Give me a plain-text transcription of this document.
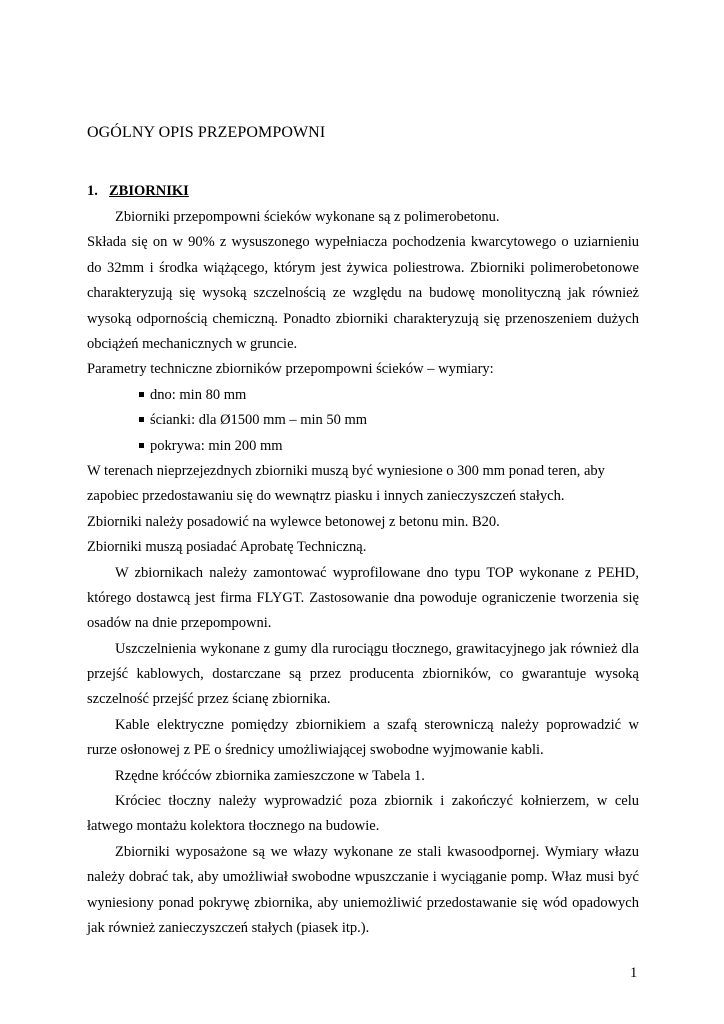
OGÓLNY OPIS PRZEPOMPOWNI
1. ZBIORNIKI
Zbiorniki przepompowni ścieków wykonane są z polimerobetonu.
Składa się on w 90% z wysuszonego wypełniacza pochodzenia kwarcytowego o uziarnieniu
do 32mm i środka wiążącego, którym jest żywica poliestrowa. Zbiorniki polimerobetonowe
charakteryzują się wysoką szczelnością ze względu na budowę monolityczną jak również
wysoką odpornością chemiczną. Ponadto zbiorniki charakteryzują się przenoszeniem dużych
obciążeń mechanicznych w gruncie.
Parametry techniczne zbiorników przepompowni ścieków – wymiary:
dno: min 80 mm
ścianki: dla Ø1500 mm – min 50 mm
pokrywa: min 200 mm
W terenach nieprzejezdnych zbiorniki muszą być wyniesione o 300 mm ponad teren, aby
zapobiec przedostawaniu się do wewnątrz piasku i innych zanieczyszczeń stałych.
Zbiorniki należy posadowić na wylewce betonowej z betonu min. B20.
Zbiorniki muszą posiadać Aprobatę Techniczną.
W zbiornikach należy zamontować wyprofilowane dno typu TOP wykonane z PEHD,
którego dostawcą jest firma FLYGT. Zastosowanie dna powoduje ograniczenie tworzenia się
osadów na dnie przepompowni.
Uszczelnienia wykonane z gumy dla rurociągu tłocznego, grawitacyjnego jak również dla
przejść kablowych, dostarczane są przez producenta zbiorników, co gwarantuje wysoką
szczelność przejść przez ścianę zbiornika.
Kable elektryczne pomiędzy zbiornikiem a szafą sterowniczą należy poprowadzić w
rurze osłonowej z PE o średnicy umożliwiającej swobodne wyjmowanie kabli.
Rzędne króćców zbiornika zamieszczone w Tabela 1.
Króciec tłoczny należy wyprowadzić poza zbiornik i zakończyć kołnierzem, w celu
łatwego montażu kolektora tłocznego na budowie.
Zbiorniki wyposażone są we włazy wykonane ze stali kwasoodpornej. Wymiary włazu
należy dobrać tak, aby umożliwiał swobodne wpuszczanie i wyciąganie pomp. Właz musi być
wyniesiony ponad pokrywę zbiornika, aby uniemożliwić przedostawanie się wód opadowych
jak również zanieczyszczeń stałych (piasek itp.).
1
